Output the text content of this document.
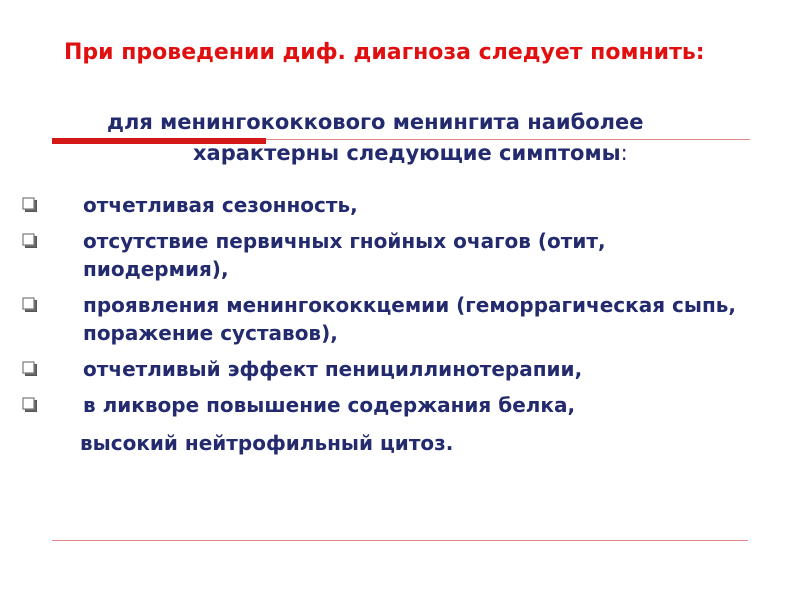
При проведении диф. диагноза следует помнить:
для менингококкового менингита наиболее
характерны следующие симптомы:
отчетливая сезонность,
отсутствие первичных гнойных очагов (отит, пиодермия),
проявления менингококкцемии (геморрагическая сыпь, поражение суставов),
отчетливый эффект пенициллинотерапии,
в ликворе повышение содержания белка,
высокий нейтрофильный цитоз.
